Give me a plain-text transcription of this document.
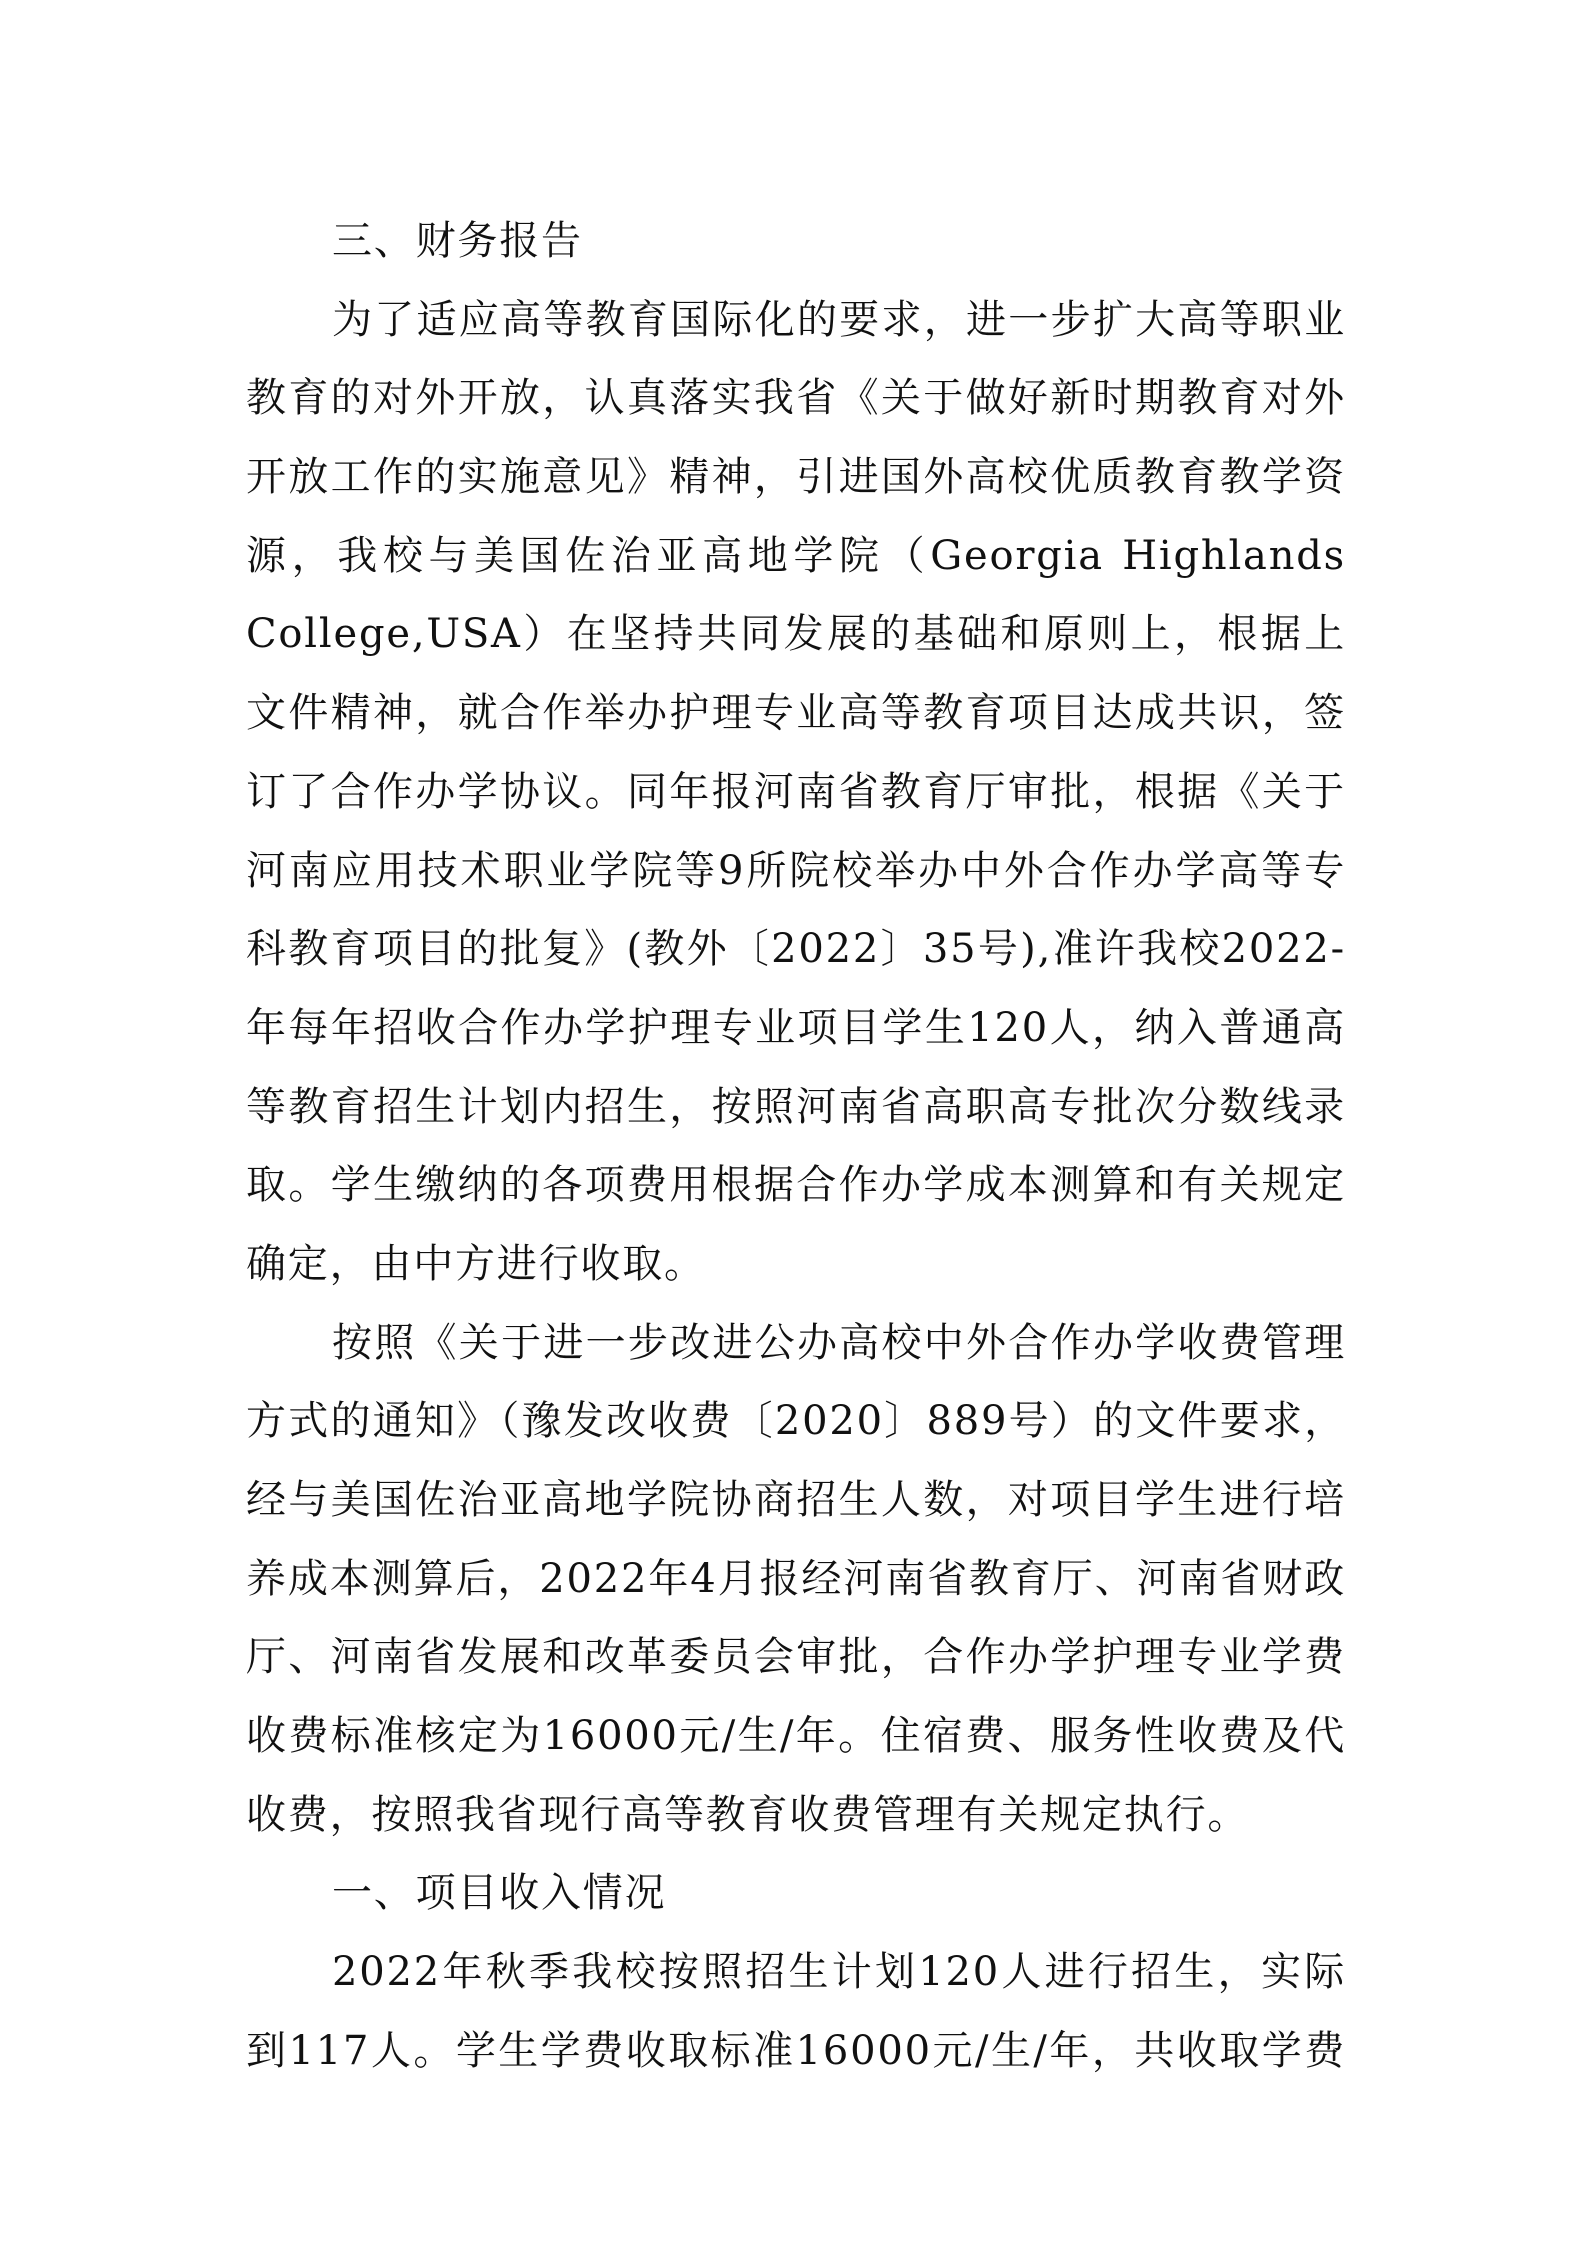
三、财务报告
为了适应高等教育国际化的要求，进一步扩大高等职业
教育的对外开放，认真落实我省《关于做好新时期教育对外
开放工作的实施意见》精神，引进国外高校优质教育教学资
源，我校与美国佐治亚高地学院（Georgia Highlands
College,USA）在坚持共同发展的基础和原则上，根据上
文件精神，就合作举办护理专业高等教育项目达成共识，签
订了合作办学协议。同年报河南省教育厅审批，根据《关于
河南应用技术职业学院等9所院校举办中外合作办学高等专
科教育项目的批复》(教外〔2022〕35号),准许我校2022-
年每年招收合作办学护理专业项目学生120人，纳入普通高
等教育招生计划内招生，按照河南省高职高专批次分数线录
取。学生缴纳的各项费用根据合作办学成本测算和有关规定
确定，由中方进行收取。
按照《关于进一步改进公办高校中外合作办学收费管理
方式的通知》（豫发改收费〔2020〕889号）的文件要求，
经与美国佐治亚高地学院协商招生人数，对项目学生进行培
养成本测算后，2022年4月报经河南省教育厅、河南省财政
厅、河南省发展和改革委员会审批，合作办学护理专业学费
收费标准核定为16000元/生/年。住宿费、服务性收费及代
收费，按照我省现行高等教育收费管理有关规定执行。
一、项目收入情况
2022年秋季我校按照招生计划120人进行招生，实际
到117人。学生学费收取标准16000元/生/年，共收取学费
